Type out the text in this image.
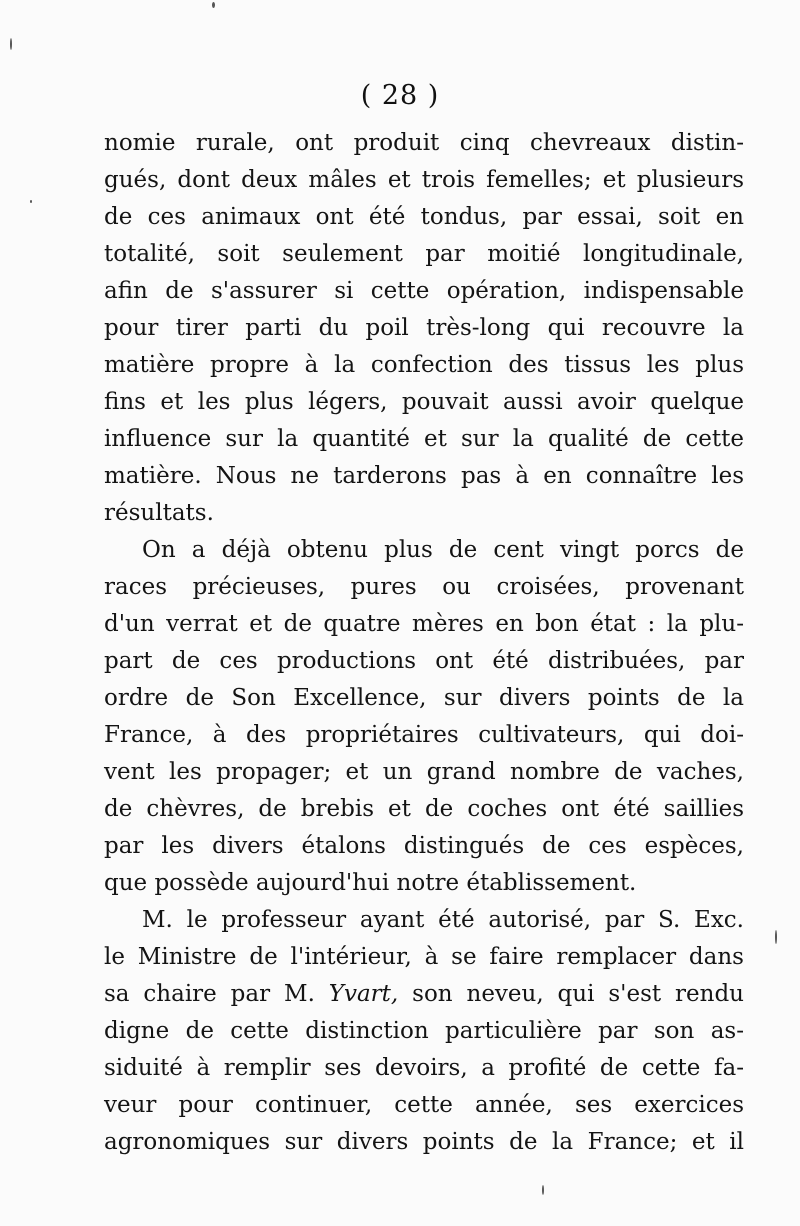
( 28 )
nomie rurale, ont produit cinq chevreaux distin-
gués, dont deux mâles et trois femelles; et plusieurs
de ces animaux ont été tondus, par essai, soit en
totalité, soit seulement par moitié longitudinale,
afin de s'assurer si cette opération, indispensable
pour tirer parti du poil très-long qui recouvre la
matière propre à la confection des tissus les plus
fins et les plus légers, pouvait aussi avoir quelque
influence sur la quantité et sur la qualité de cette
matière. Nous ne tarderons pas à en connaître les
résultats.
On a déjà obtenu plus de cent vingt porcs de
races précieuses, pures ou croisées, provenant
d'un verrat et de quatre mères en bon état : la plu-
part de ces productions ont été distribuées, par
ordre de Son Excellence, sur divers points de la
France, à des propriétaires cultivateurs, qui doi-
vent les propager; et un grand nombre de vaches,
de chèvres, de brebis et de coches ont été saillies
par les divers étalons distingués de ces espèces,
que possède aujourd'hui notre établissement.
M. le professeur ayant été autorisé, par S. Exc.
le Ministre de l'intérieur, à se faire remplacer dans
sa chaire par M. Yvart, son neveu, qui s'est rendu
digne de cette distinction particulière par son as-
siduité à remplir ses devoirs, a profité de cette fa-
veur pour continuer, cette année, ses exercices
agronomiques sur divers points de la France; et il
